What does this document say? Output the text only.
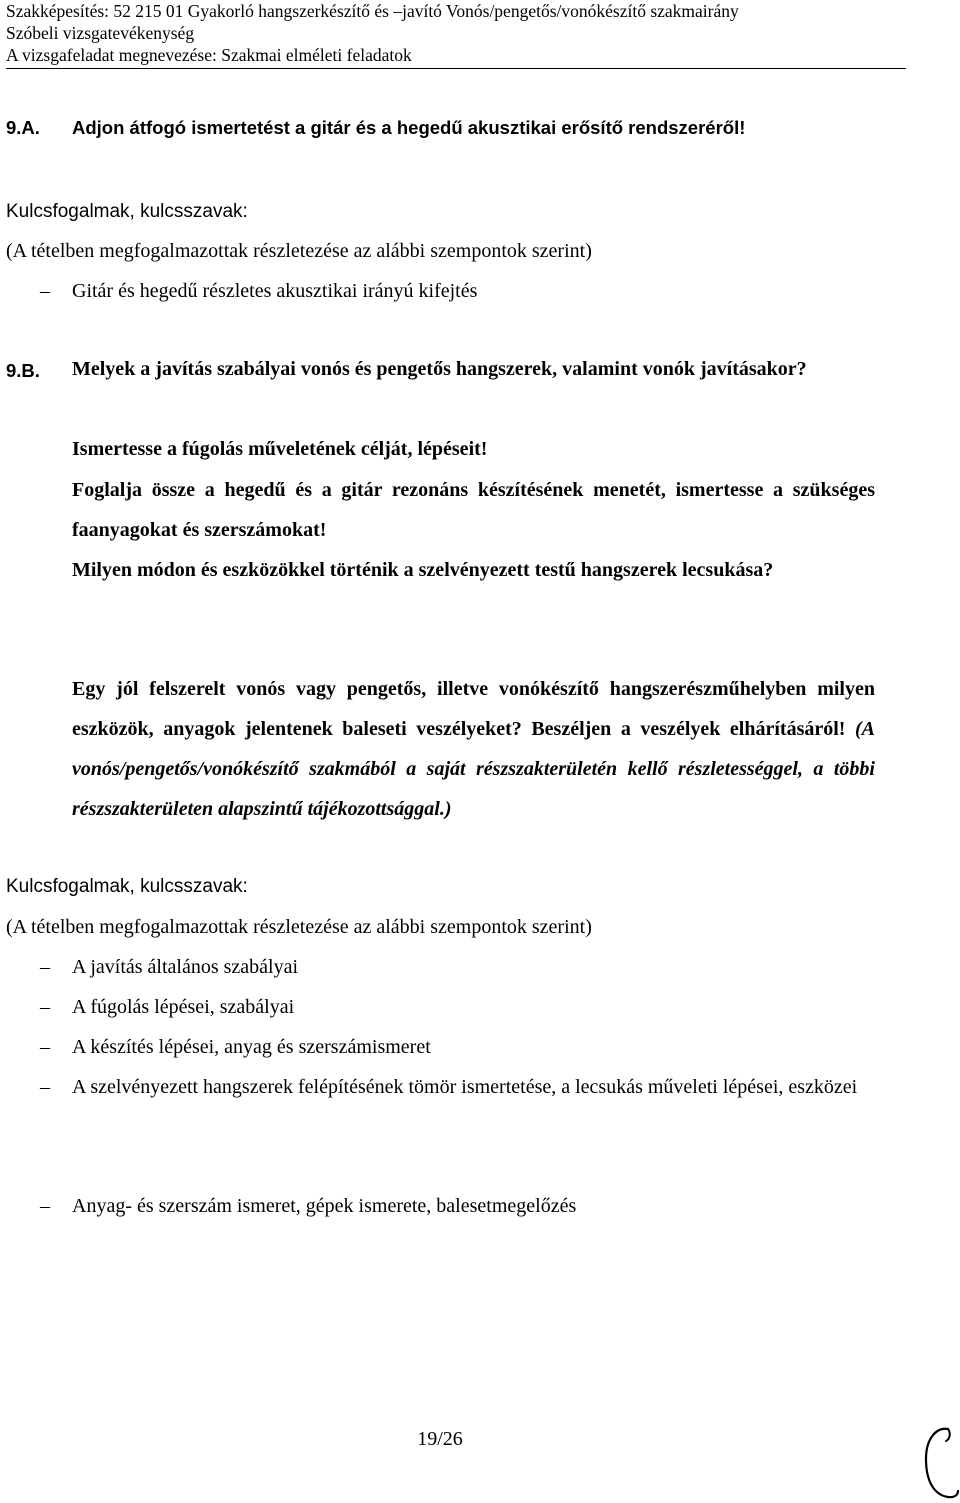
Szakképesítés: 52 215 01 Gyakorló hangszerkészítő és –javító Vonós/pengetős/vonókészítő szakmairány
Szóbeli vizsgatevékenység
A vizsgafeladat megnevezése: Szakmai elméleti feladatok
9.A. Adjon átfogó ismertetést a gitár és a hegedű akusztikai erősítő rendszeréről!
Kulcsfogalmak, kulcsszavak:
(A tételben megfogalmazottak részletezése az alábbi szempontok szerint)
–	Gitár és hegedű részletes akusztikai irányú kifejtés
9.B. Melyek a javítás szabályai vonós és pengetős hangszerek, valamint vonók javításakor?
Ismertesse a fúgolás műveletének célját, lépéseit!
Foglalja össze a hegedű és a gitár rezonáns készítésének menetét, ismertesse a szükséges faanyagokat és szerszámokat!
Milyen módon és eszközökkel történik a szelvényezett testű hangszerek lecsukása?
Egy jól felszerelt vonós vagy pengetős, illetve vonókészítő hangszerészműhelyben milyen eszközök, anyagok jelentenek baleseti veszélyeket? Beszéljen a veszélyek elhárításáról! (A vonós/pengetős/vonókészítő szakmából a saját részszakterületén kellő részletességgel, a többi részszakterületen alapszintű tájékozottsággal.)
Kulcsfogalmak, kulcsszavak:
(A tételben megfogalmazottak részletezése az alábbi szempontok szerint)
–	A javítás általános szabályai
–	A fúgolás lépései, szabályai
–	A készítés lépései, anyag és szerszámismeret
–	A szelvényezett hangszerek felépítésének tömör ismertetése, a lecsukás műveleti lépései, eszközei
–	Anyag- és szerszám ismeret, gépek ismerete, balesetmegelőzés
19/26
